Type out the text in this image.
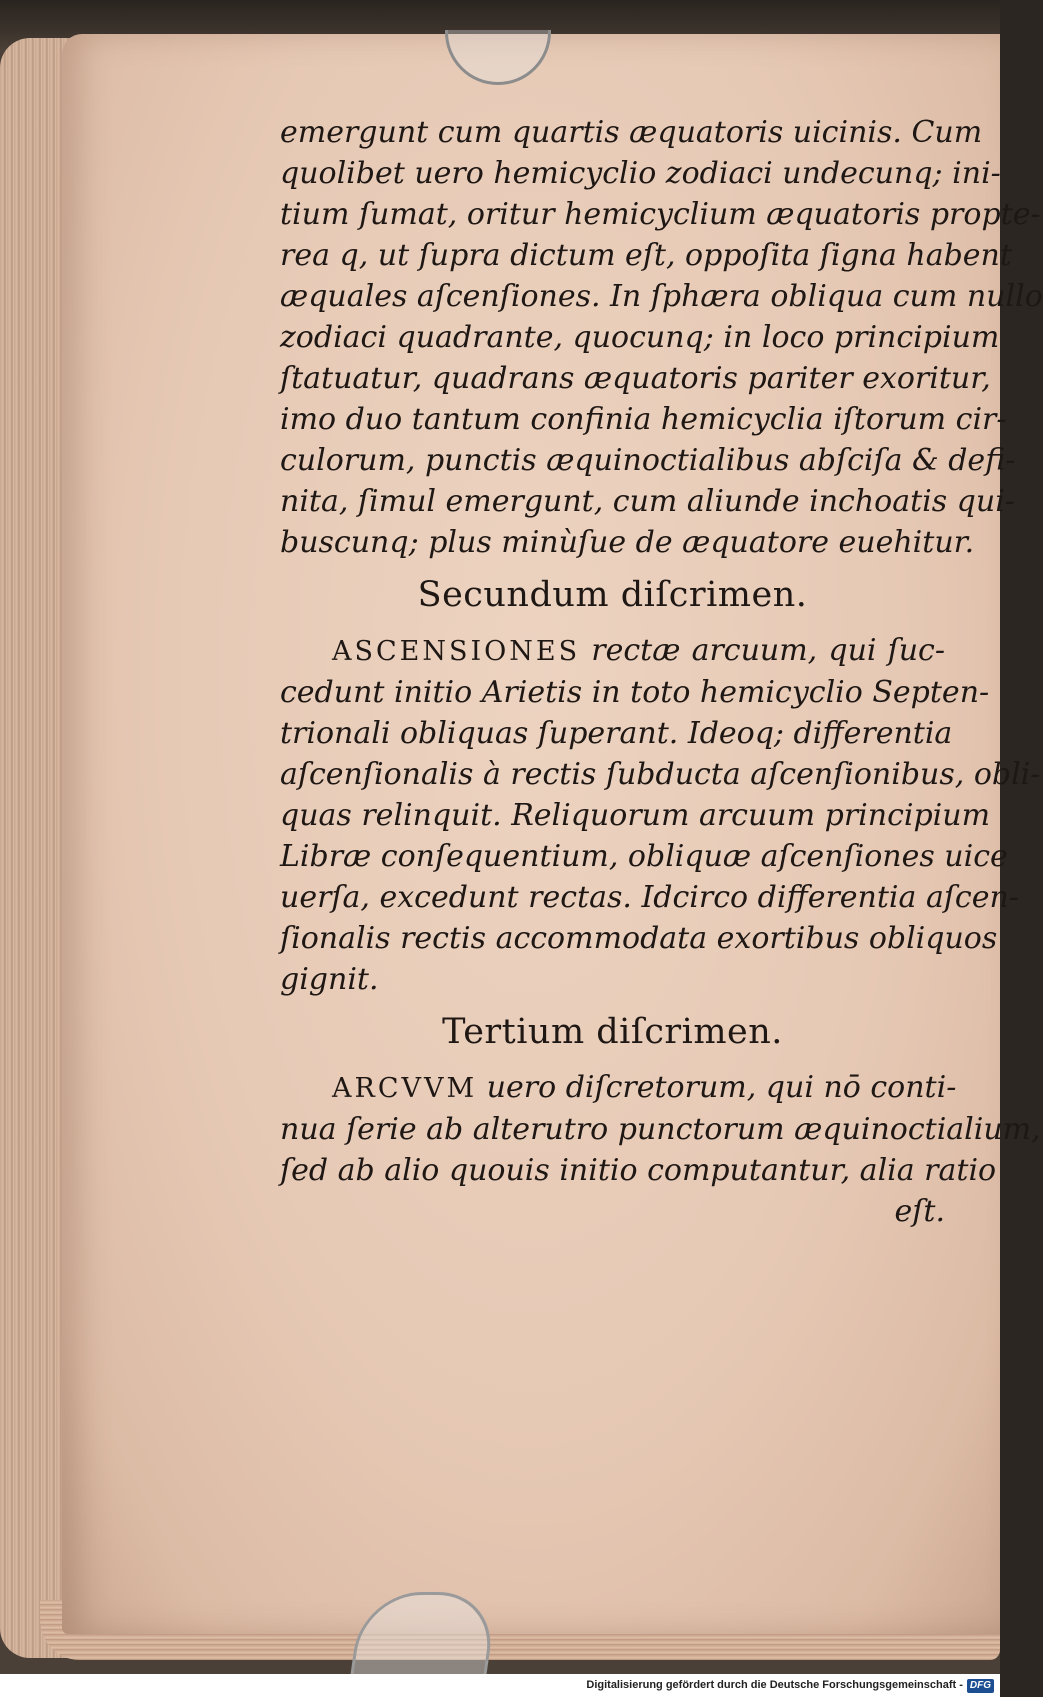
emergunt cum quartis æquatoris uicinis. Cum

quolibet uero hemicyclio zodiaci undecunq; ini-

tium ſumat, oritur hemicyclium æquatoris propte-

rea q, ut ſupra dictum eſt, oppoſita ſigna habent

æquales aſcenſiones. In ſphæra obliqua cum nullo

zodiaci quadrante, quocunq; in loco principium

ſtatuatur, quadrans æquatoris pariter exoritur,

imo duo tantum confinia hemicyclia iſtorum cir-

culorum, punctis æquinoctialibus abſciſa & defi-

nita, ſimul emergunt, cum aliunde inchoatis qui-

buscunq; plus minùſue de æquatore euehitur.

Secundum diſcrimen.

ASCENSIONES rectæ arcuum, qui ſuc-

cedunt initio Arietis in toto hemicyclio Septen-

trionali obliquas ſuperant. Ideoq; differentia

aſcenſionalis à rectis ſubducta aſcenſionibus, obli-

quas relinquit. Reliquorum arcuum principium

Libræ conſequentium, obliquæ aſcenſiones uice

uerſa, excedunt rectas. Idcirco differentia aſcen-

ſionalis rectis accommodata exortibus obliquos

gignit.

Tertium diſcrimen.

ARCVVM uero diſcretorum, qui nō conti-

nua ſerie ab alterutro punctorum æquinoctialium,

ſed ab alio quouis initio computantur, alia ratio

eſt.

Digitalisierung gefördert durch die Deutsche Forschungsgemeinschaft - DFG
